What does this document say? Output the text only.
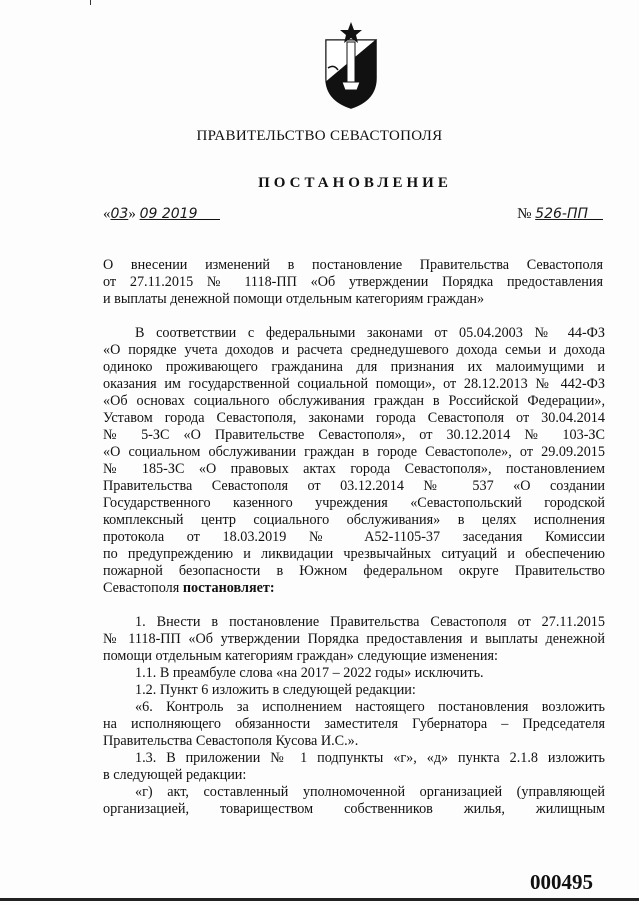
ПРАВИТЕЛЬСТВО СЕВАСТОПОЛЯ
ПОСТАНОВЛЕНИЕ
«03» 09 2019	№ 526-ПП
О внесении изменений в постановление Правительства Севастополя
от 27.11.2015 № 1118-ПП «Об утверждении Порядка предоставления
и выплаты денежной помощи отдельным категориям граждан»
В соответствии с федеральными законами от 05.04.2003 № 44-ФЗ
«О порядке учета доходов и расчета среднедушевого дохода семьи и дохода
одиноко проживающего гражданина для признания их малоимущими и
оказания им государственной социальной помощи», от 28.12.2013 № 442-ФЗ
«Об основах социального обслуживания граждан в Российской Федерации»,
Уставом города Севастополя, законами города Севастополя от 30.04.2014
№ 5-ЗС «О Правительстве Севастополя», от 30.12.2014 № 103-ЗС
«О социальном обслуживании граждан в городе Севастополе», от 29.09.2015
№ 185-ЗС «О правовых актах города Севастополя», постановлением
Правительства Севастополя от 03.12.2014 № 537 «О создании
Государственного казенного учреждения «Севастопольский городской
комплексный центр социального обслуживания» в целях исполнения
протокола от 18.03.2019 № А52-1105-37 заседания Комиссии
по предупреждению и ликвидации чрезвычайных ситуаций и обеспечению
пожарной безопасности в Южном федеральном округе Правительство
Севастополя постановляет:
1. Внести в постановление Правительства Севастополя от 27.11.2015
№ 1118-ПП «Об утверждении Порядка предоставления и выплаты денежной
помощи отдельным категориям граждан» следующие изменения:
1.1. В преамбуле слова «на 2017 – 2022 годы» исключить.
1.2. Пункт 6 изложить в следующей редакции:
«6. Контроль за исполнением настоящего постановления возложить
на исполняющего обязанности заместителя Губернатора – Председателя
Правительства Севастополя Кусова И.С.».
1.3. В приложении № 1 подпункты «г», «д» пункта 2.1.8 изложить
в следующей редакции:
«г) акт, составленный уполномоченной организацией (управляющей
организацией, товариществом собственников жилья, жилищным
000495
